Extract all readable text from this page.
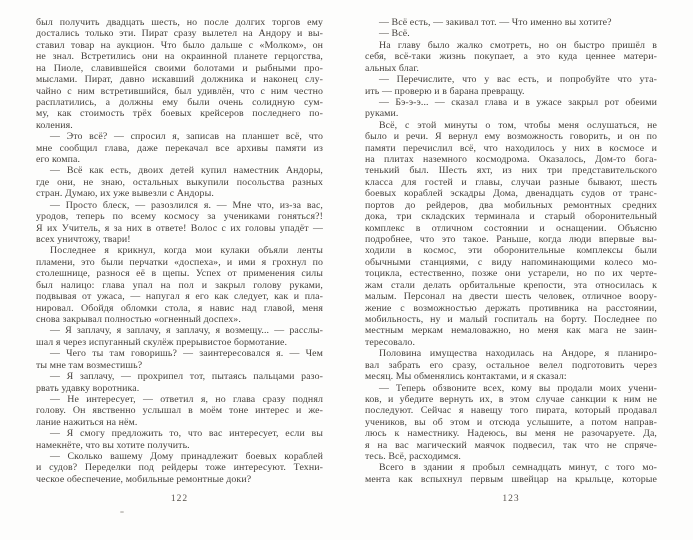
был получить двадцать шесть, но после долгих торгов ему
достались только эти. Пират сразу вылетел на Андору и вы-
ставил товар на аукцион. Что было дальше с «Молком», он
не знал. Встретились они на окраинной планете герцогства,
на Пиоле, славившейся своими болотами и рыбными про-
мыслами. Пират, давно искавший должника и наконец слу-
чайно с ним встретившийся, был удивлён, что с ним честно
расплатились, а должны ему были очень солидную сум-
му, как стоимость трёх боевых крейсеров последнего по-
коления.
— Это всё? — спросил я, записав на планшет всё, что
мне сообщил глава, даже перекачал все архивы памяти из
его компа.
— Всё как есть, двоих детей купил наместник Андоры,
где они, не знаю, остальных выкупили посольства разных
стран. Думаю, их уже вывезли с Андоры.
— Просто блеск, — разозлился я. — Мне что, из-за вас,
уродов, теперь по всему космосу за учениками гоняться?!
Я их Учитель, я за них в ответе! Волос с их головы упадёт —
всех уничтожу, твари!
Последнее я крикнул, когда мои кулаки объяли ленты
пламени, это были перчатки «доспеха», и ими я грохнул по
столешнице, разнося её в щепы. Успех от применения силы
был налицо: глава упал на пол и закрыл голову руками,
подвывая от ужаса, — напугал я его как следует, как и пла-
нировал. Обойдя обломки стола, я навис над главой, меня
снова закрывал полностью «огненный доспех».
— Я заплачу, я заплачу, я заплачу, я возмещу... — расслы-
шал я через испуганный скулёж прерывистое бормотание.
— Чего ты там говоришь? — заинтересовался я. — Чем
ты мне там возместишь?
— Я заплачу, — прохрипел тот, пытаясь пальцами разо-
рвать удавку воротника.
— Не интересует, — ответил я, но глава сразу поднял
голову. Он явственно услышал в моём тоне интерес и же-
лание нажиться на нём.
— Я смогу предложить то, что вас интересует, если вы
намекнёте, что вы хотите получить.
— Сколько вашему Дому принадлежит боевых кораблей
и судов? Переделки под рейдеры тоже интересуют. Техни-
ческое обеспечение, мобильные ремонтные доки?
122
— Всё есть, — закивал тот. — Что именно вы хотите?
— Всё.
На главу было жалко смотреть, но он быстро пришёл в
себя, всё-таки жизнь покупает, а это куда ценнее матери-
альных благ.
— Перечислите, что у вас есть, и попробуйте что ута-
ить — проверю и в барана превращу.
— Бэ-э-э... — сказал глава и в ужасе закрыл рот обеими
руками.
Всё, с этой минуты о том, чтобы меня ослушаться, не
было и речи. Я вернул ему возможность говорить, и он по
памяти перечислил всё, что находилось у них в космосе и
на плитах наземного космодрома. Оказалось, Дом-то бога-
тенький был. Шесть яхт, из них три представительского
класса для гостей и главы, случаи разные бывают, шесть
боевых кораблей эскадры Дома, двенадцать судов от транс-
портов до рейдеров, два мобильных ремонтных средних
дока, три складских терминала и старый оборонительный
комплекс в отличном состоянии и оснащении. Объясню
подробнее, что это такое. Раньше, когда люди впервые вы-
ходили в космос, эти оборонительные комплексы были
обычными станциями, с виду напоминающими колесо мо-
тоцикла, естественно, позже они устарели, но по их черте-
жам стали делать орбитальные крепости, эта относилась к
малым. Персонал на двести шесть человек, отличное воору-
жение с возможностью держать противника на расстоянии,
мобильность, ну и малый госпиталь на борту. Последнее по
местным меркам немаловажно, но меня как мага не заин-
тересовало.
Половина имущества находилась на Андоре, я планиро-
вал забрать его сразу, остальное велел подготовить через
месяц. Мы обменялись контактами, и я сказал:
— Теперь обзвоните всех, кому вы продали моих учени-
ков, и убедите вернуть их, в этом случае санкции к ним не
последуют. Сейчас я навещу того пирата, который продавал
учеников, вы об этом и отсюда услышите, а потом направ-
люсь к наместнику. Надеюсь, вы меня не разочаруете. Да,
я на вас магический маячок подвесил, так что не спряче-
тесь. Всё, расходимся.
Всего в здании я пробыл семнадцать минут, с того мо-
мента как вспыхнул первым швейцар на крыльце, которые
123
